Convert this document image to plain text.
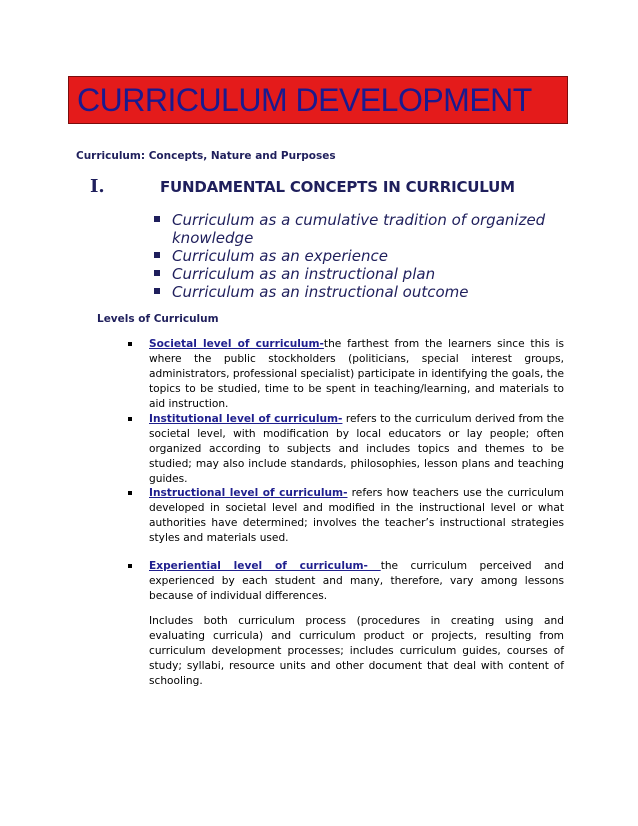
CURRICULUM DEVELOPMENT
Curriculum: Concepts, Nature and Purposes
I.	FUNDAMENTAL CONCEPTS IN CURRICULUM
Curriculum as a cumulative tradition of organized knowledge
Curriculum as an experience
Curriculum as an instructional plan
Curriculum as an instructional outcome
Levels of Curriculum
Societal level of curriculum-the farthest from the learners since this is where the public stockholders (politicians, special interest groups, administrators, professional specialist) participate in identifying the goals, the topics to be studied, time to be spent in teaching/learning, and materials to aid instruction.
Institutional level of curriculum- refers to the curriculum derived from the societal level, with modification by local educators or lay people; often organized according to subjects and includes topics and themes to be studied; may also include standards, philosophies, lesson plans and teaching guides.
Instructional level of curriculum- refers how teachers use the curriculum developed in societal level and modified in the instructional level or what authorities have determined; involves the teacher’s instructional strategies styles and materials used.
Experiential level of curriculum- the curriculum perceived and experienced by each student and many, therefore, vary among lessons because of individual differences.
Includes both curriculum process (procedures in creating using and evaluating curricula) and curriculum product or projects, resulting from curriculum development processes; includes curriculum guides, courses of study; syllabi, resource units and other document that deal with content of schooling.
